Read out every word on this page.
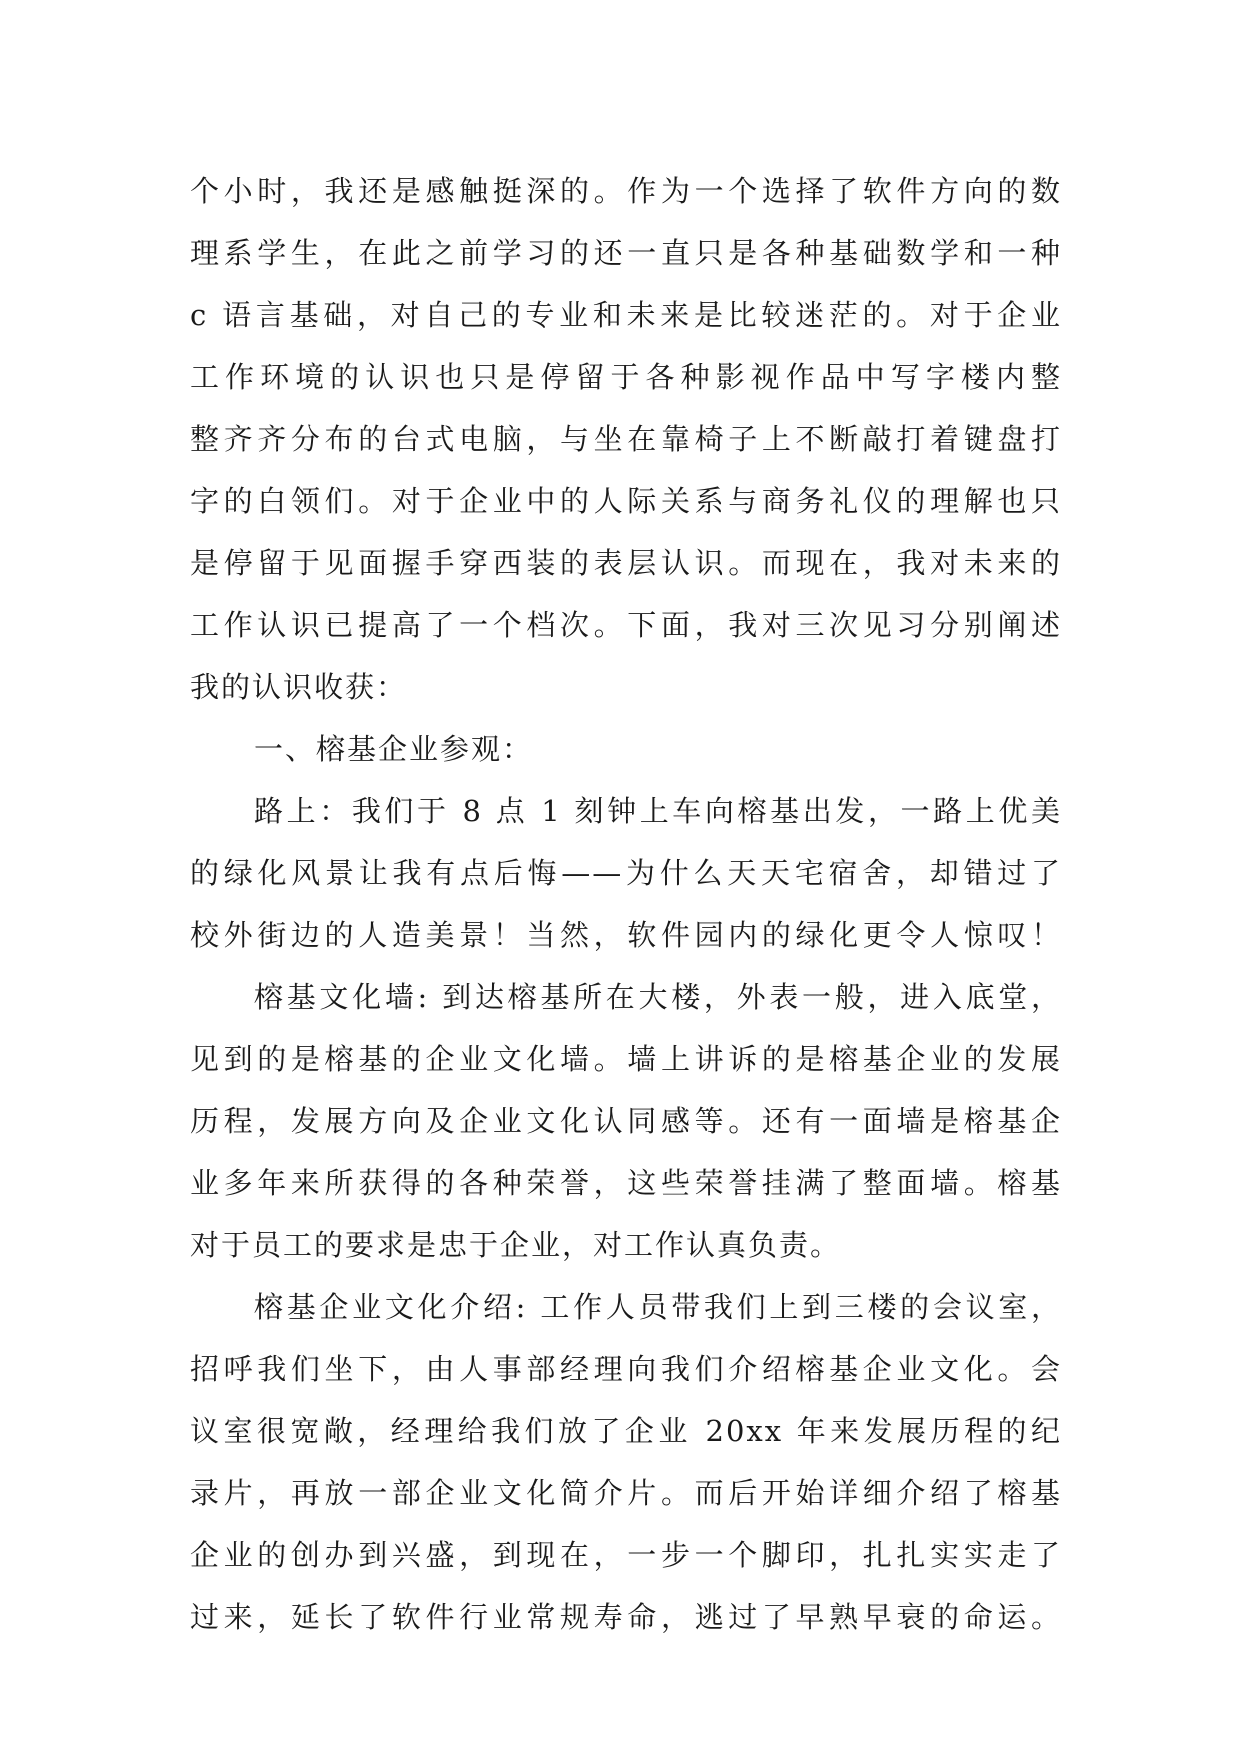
个小时，我还是感触挺深的。作为一个选择了软件方向的数
理系学生，在此之前学习的还一直只是各种基础数学和一种
c 语言基础，对自己的专业和未来是比较迷茫的。对于企业
工作环境的认识也只是停留于各种影视作品中写字楼内整
整齐齐分布的台式电脑，与坐在靠椅子上不断敲打着键盘打
字的白领们。对于企业中的人际关系与商务礼仪的理解也只
是停留于见面握手穿西装的表层认识。而现在，我对未来的
工作认识已提高了一个档次。下面，我对三次见习分别阐述
我的认识收获：
一、榕基企业参观：
路上：我们于 8 点 1 刻钟上车向榕基出发，一路上优美
的绿化风景让我有点后悔——为什么天天宅宿舍，却错过了
校外街边的人造美景！当然，软件园内的绿化更令人惊叹！
榕基文化墙: 到达榕基所在大楼，外表一般，进入底堂，
见到的是榕基的企业文化墙。墙上讲诉的是榕基企业的发展
历程，发展方向及企业文化认同感等。还有一面墙是榕基企
业多年来所获得的各种荣誉，这些荣誉挂满了整面墙。榕基
对于员工的要求是忠于企业，对工作认真负责。
榕基企业文化介绍: 工作人员带我们上到三楼的会议室，
招呼我们坐下，由人事部经理向我们介绍榕基企业文化。会
议室很宽敞，经理给我们放了企业 20xx 年来发展历程的纪
录片，再放一部企业文化简介片。而后开始详细介绍了榕基
企业的创办到兴盛，到现在，一步一个脚印，扎扎实实走了
过来，延长了软件行业常规寿命，逃过了早熟早衰的命运。
